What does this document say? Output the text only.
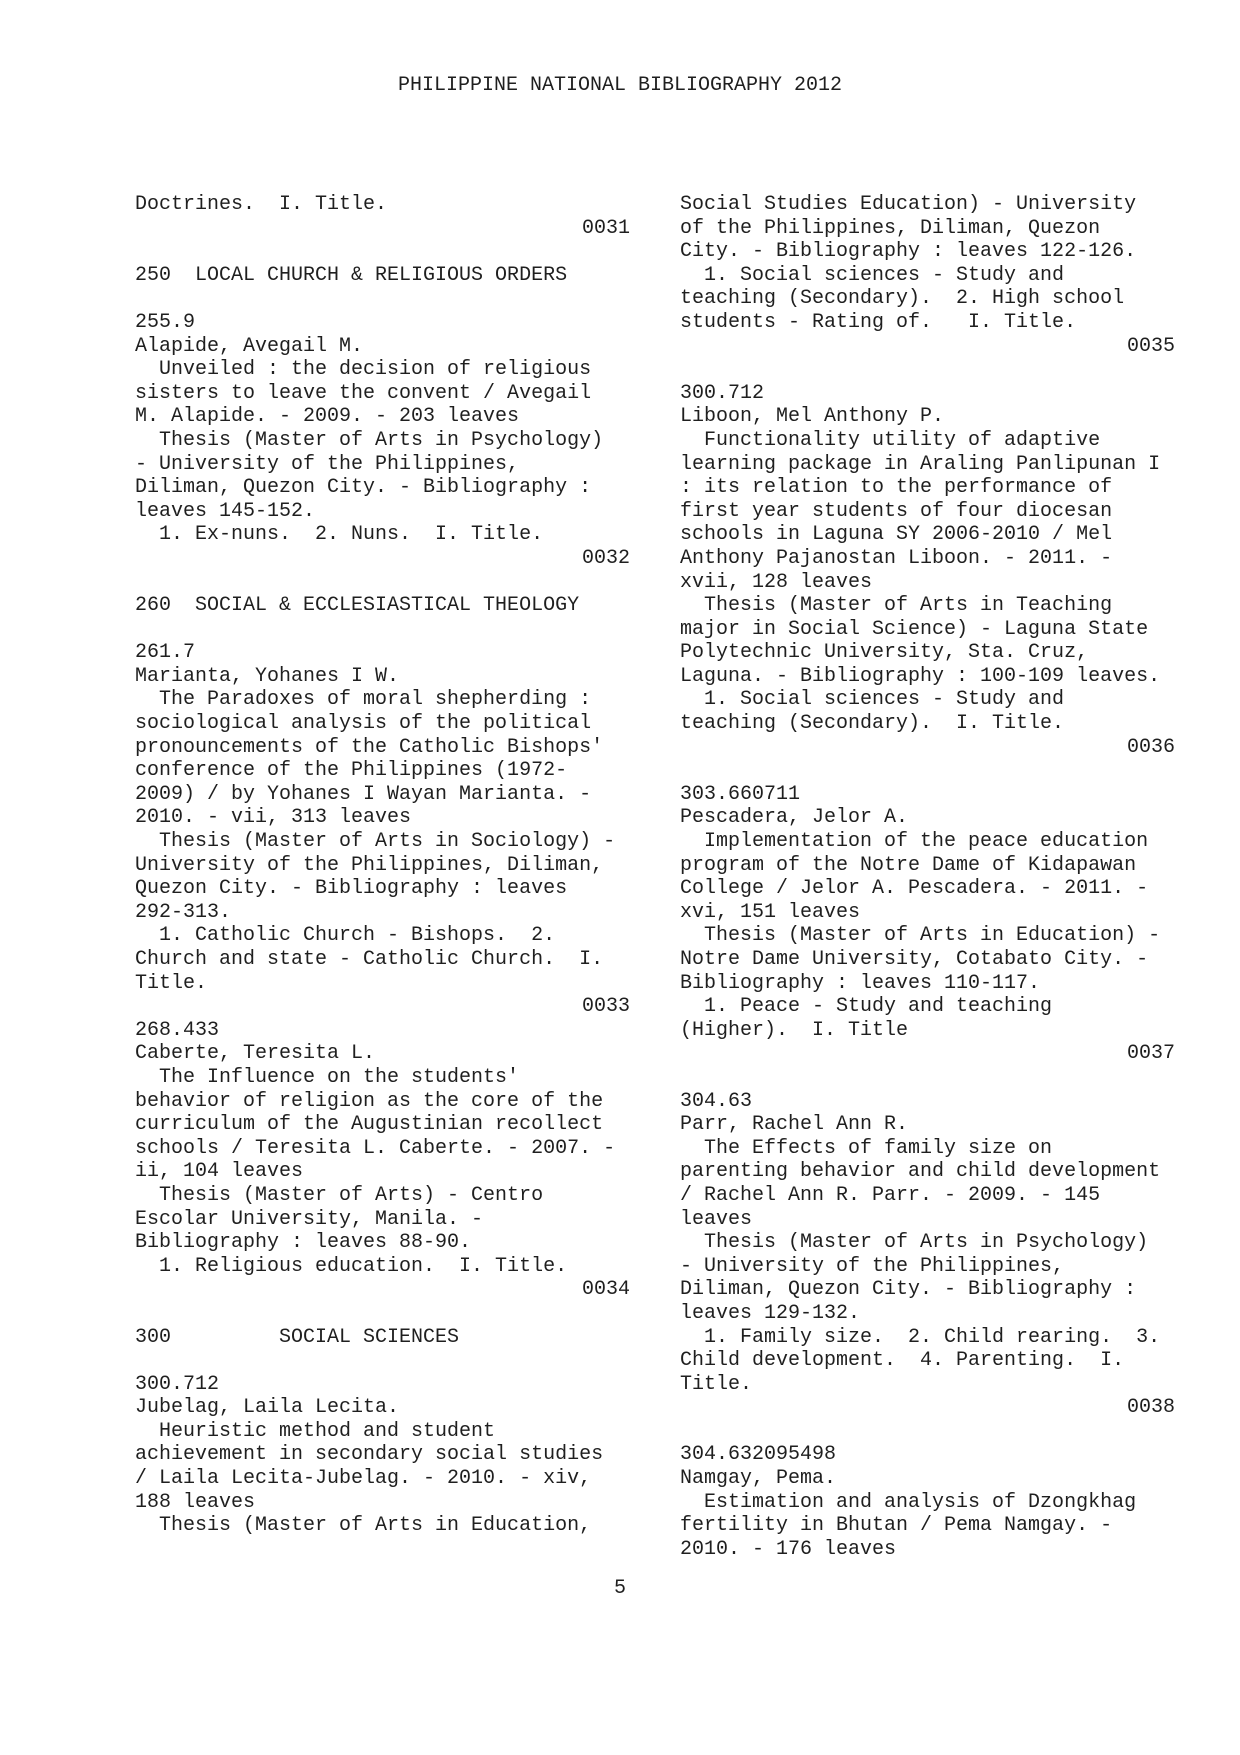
PHILIPPINE NATIONAL BIBLIOGRAPHY 2012
Doctrines.  I. Title.
0031
250  LOCAL CHURCH & RELIGIOUS ORDERS
255.9
Alapide, Avegail M.
Unveiled : the decision of religious
sisters to leave the convent / Avegail
M. Alapide. - 2009. - 203 leaves
Thesis (Master of Arts in Psychology)
- University of the Philippines,
Diliman, Quezon City. - Bibliography :
leaves 145-152.
1. Ex-nuns.  2. Nuns.  I. Title.
0032
260  SOCIAL & ECCLESIASTICAL THEOLOGY
261.7
Marianta, Yohanes I W.
The Paradoxes of moral shepherding :
sociological analysis of the political
pronouncements of the Catholic Bishops'
conference of the Philippines (1972-
2009) / by Yohanes I Wayan Marianta. -
2010. - vii, 313 leaves
Thesis (Master of Arts in Sociology) -
University of the Philippines, Diliman,
Quezon City. - Bibliography : leaves
292-313.
1. Catholic Church - Bishops.  2.
Church and state - Catholic Church.  I.
Title.
0033
268.433
Caberte, Teresita L.
The Influence on the students'
behavior of religion as the core of the
curriculum of the Augustinian recollect
schools / Teresita L. Caberte. - 2007. -
ii, 104 leaves
Thesis (Master of Arts) - Centro
Escolar University, Manila. -
Bibliography : leaves 88-90.
1. Religious education.  I. Title.
0034
300         SOCIAL SCIENCES
300.712
Jubelag, Laila Lecita.
Heuristic method and student
achievement in secondary social studies
/ Laila Lecita-Jubelag. - 2010. - xiv,
188 leaves
Thesis (Master of Arts in Education,
Social Studies Education) - University
of the Philippines, Diliman, Quezon
City. - Bibliography : leaves 122-126.
1. Social sciences - Study and
teaching (Secondary).  2. High school
students - Rating of.   I. Title.
0035
300.712
Liboon, Mel Anthony P.
Functionality utility of adaptive
learning package in Araling Panlipunan I
: its relation to the performance of
first year students of four diocesan
schools in Laguna SY 2006-2010 / Mel
Anthony Pajanostan Liboon. - 2011. -
xvii, 128 leaves
Thesis (Master of Arts in Teaching
major in Social Science) - Laguna State
Polytechnic University, Sta. Cruz,
Laguna. - Bibliography : 100-109 leaves.
1. Social sciences - Study and
teaching (Secondary).  I. Title.
0036
303.660711
Pescadera, Jelor A.
Implementation of the peace education
program of the Notre Dame of Kidapawan
College / Jelor A. Pescadera. - 2011. -
xvi, 151 leaves
Thesis (Master of Arts in Education) -
Notre Dame University, Cotabato City. -
Bibliography : leaves 110-117.
1. Peace - Study and teaching
(Higher).  I. Title
0037
304.63
Parr, Rachel Ann R.
The Effects of family size on
parenting behavior and child development
/ Rachel Ann R. Parr. - 2009. - 145
leaves
Thesis (Master of Arts in Psychology)
- University of the Philippines,
Diliman, Quezon City. - Bibliography :
leaves 129-132.
1. Family size.  2. Child rearing.  3.
Child development.  4. Parenting.  I.
Title.
0038
304.632095498
Namgay, Pema.
Estimation and analysis of Dzongkhag
fertility in Bhutan / Pema Namgay. -
2010. - 176 leaves
5
